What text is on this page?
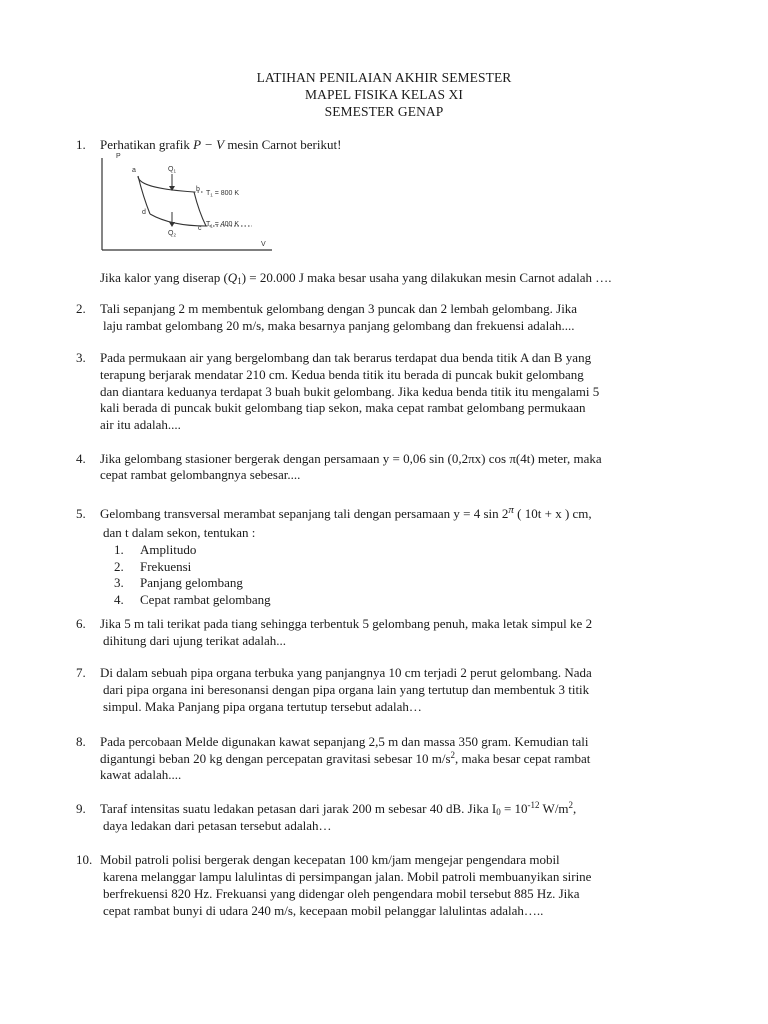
LATIHAN PENILAIAN AKHIR SEMESTER
MAPEL FISIKA KELAS XI
SEMESTER GENAP
1. Perhatikan grafik P − V mesin Carnot berikut!
P
V
a
b
c
d
$Q_1$
$Q_2$
$T_1 = 800$ K
$T_1 = 400$ K
Jika kalor yang diserap $(Q_1) = 20.000$ J maka besar usaha yang dilakukan mesin Carnot adalah ….
2. Tali sepanjang 2 m membentuk gelombang dengan 3 puncak dan 2 lembah gelombang. Jika
laju rambat gelombang 20 m/s, maka besarnya panjang gelombang dan frekuensi adalah....
3. Pada permukaan air yang bergelombang dan tak berarus terdapat dua benda titik A dan B yang
terapung berjarak mendatar 210 cm. Kedua benda titik itu berada di puncak bukit gelombang
dan diantara keduanya terdapat 3 buah bukit gelombang. Jika kedua benda titik itu mengalami 5
kali berada di puncak bukit gelombang tiap sekon, maka cepat rambat gelombang permukaan
air itu adalah....
4. Jika gelombang stasioner bergerak dengan persamaan y = 0,06 sin (0,2πx) cos π(4t) meter, maka
cepat rambat gelombangnya sebesar....
5. Gelombang transversal merambat sepanjang tali dengan persamaan y = 4 $\sin 2^\pi$ ( 10t + x ) cm,
dan t dalam sekon, tentukan :
1. Amplitudo
2. Frekuensi
3. Panjang gelombang
4. Cepat rambat gelombang
6. Jika 5 m tali terikat pada tiang sehingga terbentuk 5 gelombang penuh, maka letak simpul ke 2
dihitung dari ujung terikat adalah...
7. Di dalam sebuah pipa organa terbuka yang panjangnya 10 cm terjadi 2 perut gelombang. Nada
dari pipa organa ini beresonansi dengan pipa organa lain yang tertutup dan membentuk 3 titik
simpul. Maka Panjang pipa organa tertutup tersebut adalah…
8. Pada percobaan Melde digunakan kawat sepanjang 2,5 m dan massa 350 gram. Kemudian tali
digantungi beban 20 kg dengan percepatan gravitasi sebesar 10 $m/s^2$, maka besar cepat rambat
kawat adalah....
9. Taraf intensitas suatu ledakan petasan dari jarak 200 m sebesar 40 dB. Jika $I_0 = 10^{-12}$ $W/m^2$,
daya ledakan dari petasan tersebut adalah…
10. Mobil patroli polisi bergerak dengan kecepatan 100 km/jam mengejar pengendara mobil
karena melanggar lampu lalulintas di persimpangan jalan. Mobil patroli membuanyikan sirine
berfrekuensi 820 Hz. Frekuansi yang didengar oleh pengendara mobil tersebut 885 Hz. Jika
cepat rambat bunyi di udara 240 m/s, kecepaan mobil pelanggar lalulintas adalah…..
